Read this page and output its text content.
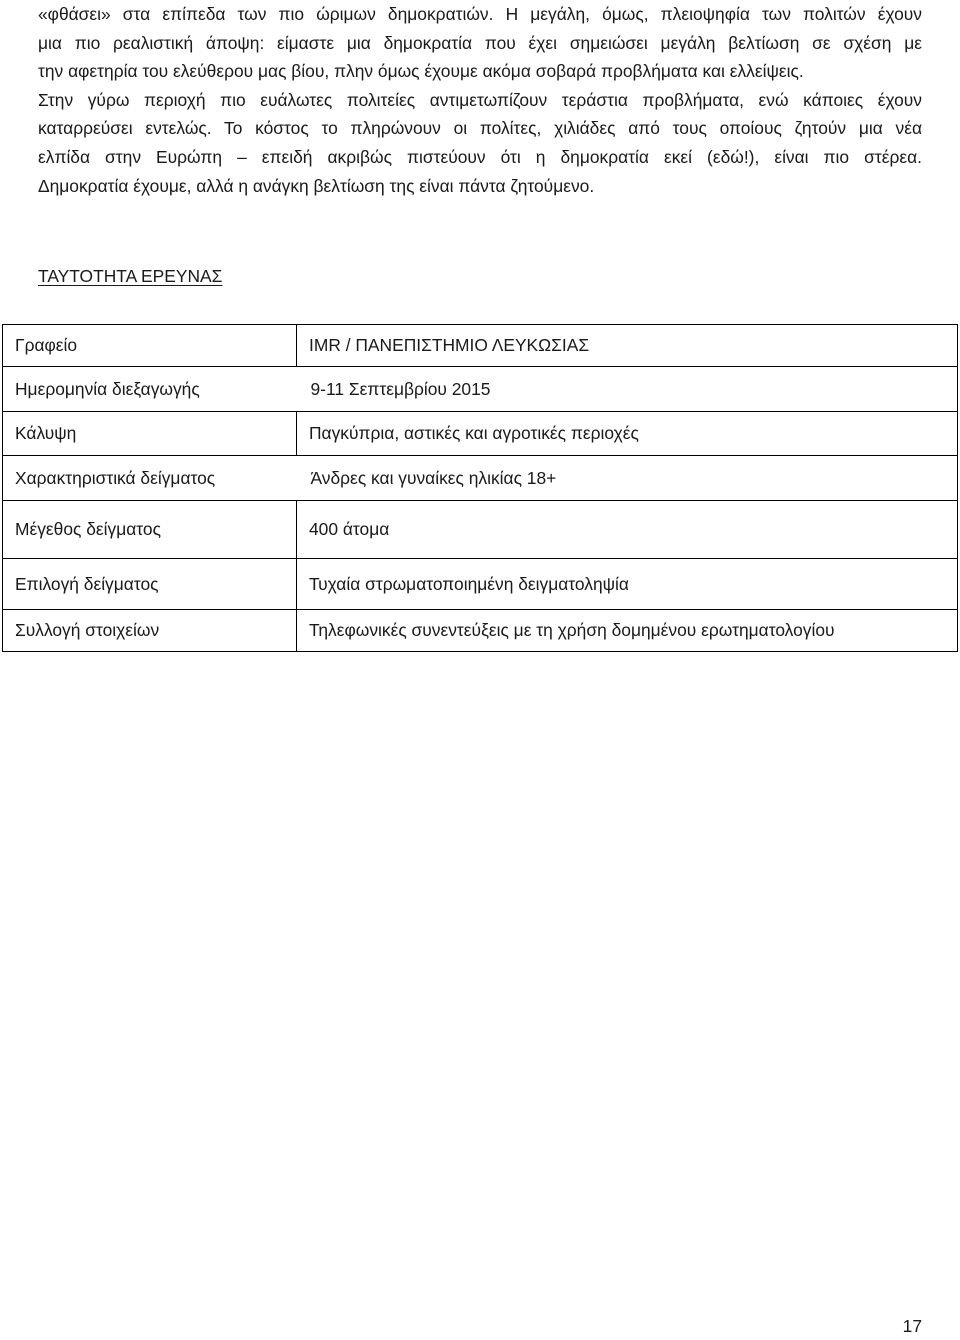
«φθάσει» στα επίπεδα των πιο ώριμων δημοκρατιών. Η μεγάλη, όμως, πλειοψηφία των πολιτών έχουν
μια πιο ρεαλιστική άποψη: είμαστε μια δημοκρατία που έχει σημειώσει μεγάλη βελτίωση σε σχέση με
την αφετηρία του ελεύθερου μας βίου, πλην όμως έχουμε ακόμα σοβαρά προβλήματα και ελλείψεις.
Στην γύρω περιοχή πιο ευάλωτες πολιτείες αντιμετωπίζουν τεράστια προβλήματα, ενώ κάποιες έχουν
καταρρεύσει εντελώς. Το κόστος το πληρώνουν οι πολίτες, χιλιάδες από τους οποίους ζητούν μια νέα
ελπίδα στην Ευρώπη – επειδή ακριβώς πιστεύουν ότι η δημοκρατία εκεί (εδώ!), είναι πιο στέρεα.
Δημοκρατία έχουμε, αλλά η ανάγκη βελτίωση της είναι πάντα ζητούμενο.
ΤΑΥΤΟΤΗΤΑ ΕΡΕΥΝΑΣ
Γραφείο	IMR / ΠΑΝΕΠΙΣΤΗΜΙΟ ΛΕΥΚΩΣΙΑΣ
Ημερομηνία διεξαγωγής	9-11 Σεπτεμβρίου 2015
Κάλυψη	Παγκύπρια, αστικές και αγροτικές περιοχές
Χαρακτηριστικά δείγματος	Άνδρες και γυναίκες ηλικίας 18+
Μέγεθος δείγματος	400 άτομα
Επιλογή δείγματος	Τυχαία στρωματοποιημένη δειγματοληψία
Συλλογή στοιχείων	Τηλεφωνικές συνεντεύξεις με τη χρήση δομημένου ερωτηματολογίου

17
